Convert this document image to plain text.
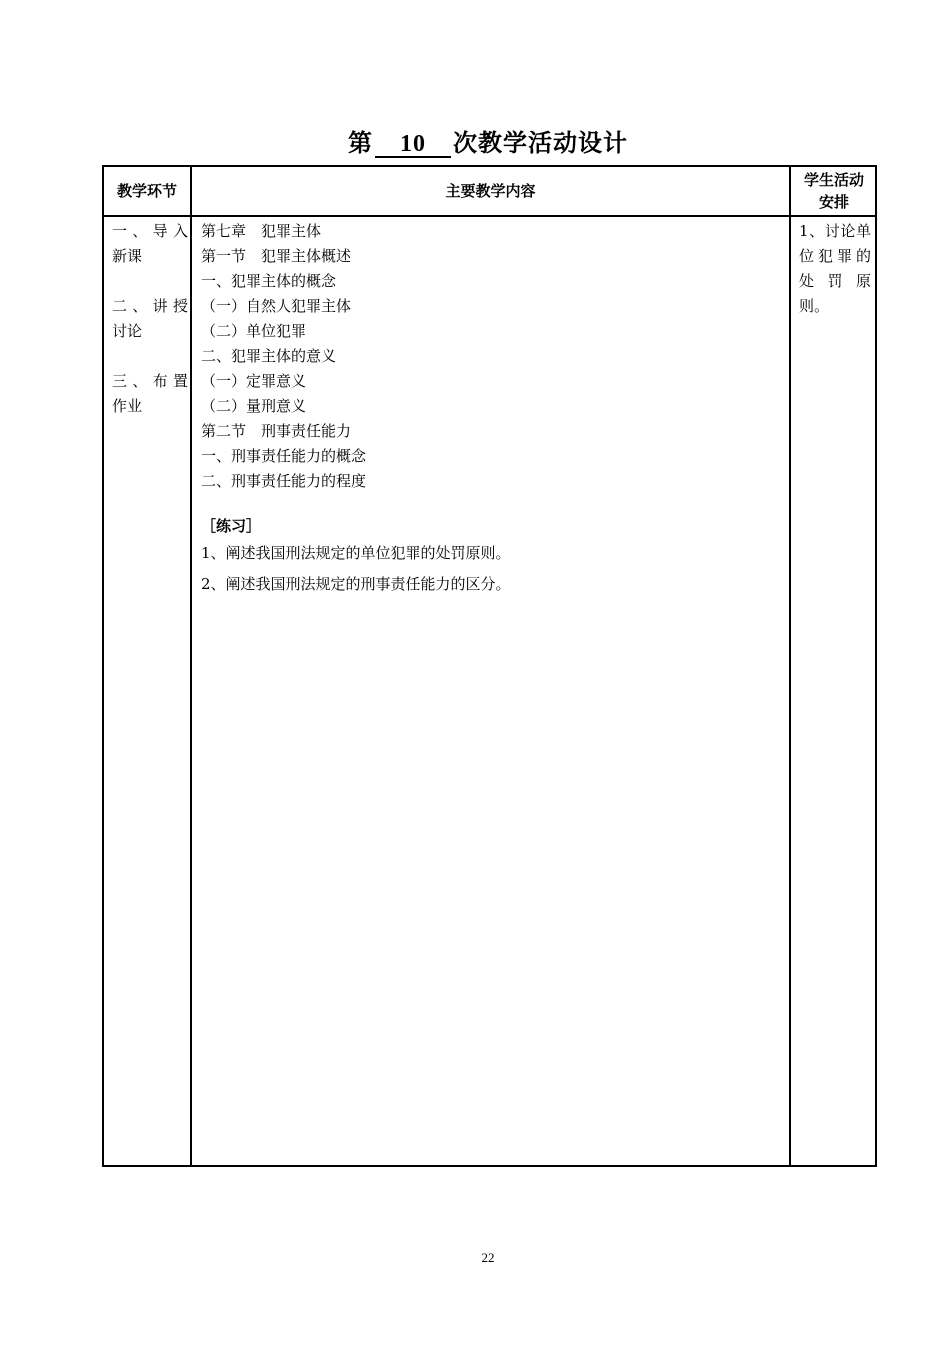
第 10 次教学活动设计
教学环节	主要教学内容
学生活动
安排
一、导入
新课
二、讲授
讨论
三、布置
作业
第七章　犯罪主体
第一节　犯罪主体概述
一、犯罪主体的概念
（一）自然人犯罪主体
（二）单位犯罪
二、犯罪主体的意义
（一）定罪意义
（二）量刑意义
第二节　刑事责任能力
一、刑事责任能力的概念
二、刑事责任能力的程度
［练习］
1、阐述我国刑法规定的单位犯罪的处罚原则。
2、阐述我国刑法规定的刑事责任能力的区分。
1、讨论单
位犯罪的
处罚原
则。
22
